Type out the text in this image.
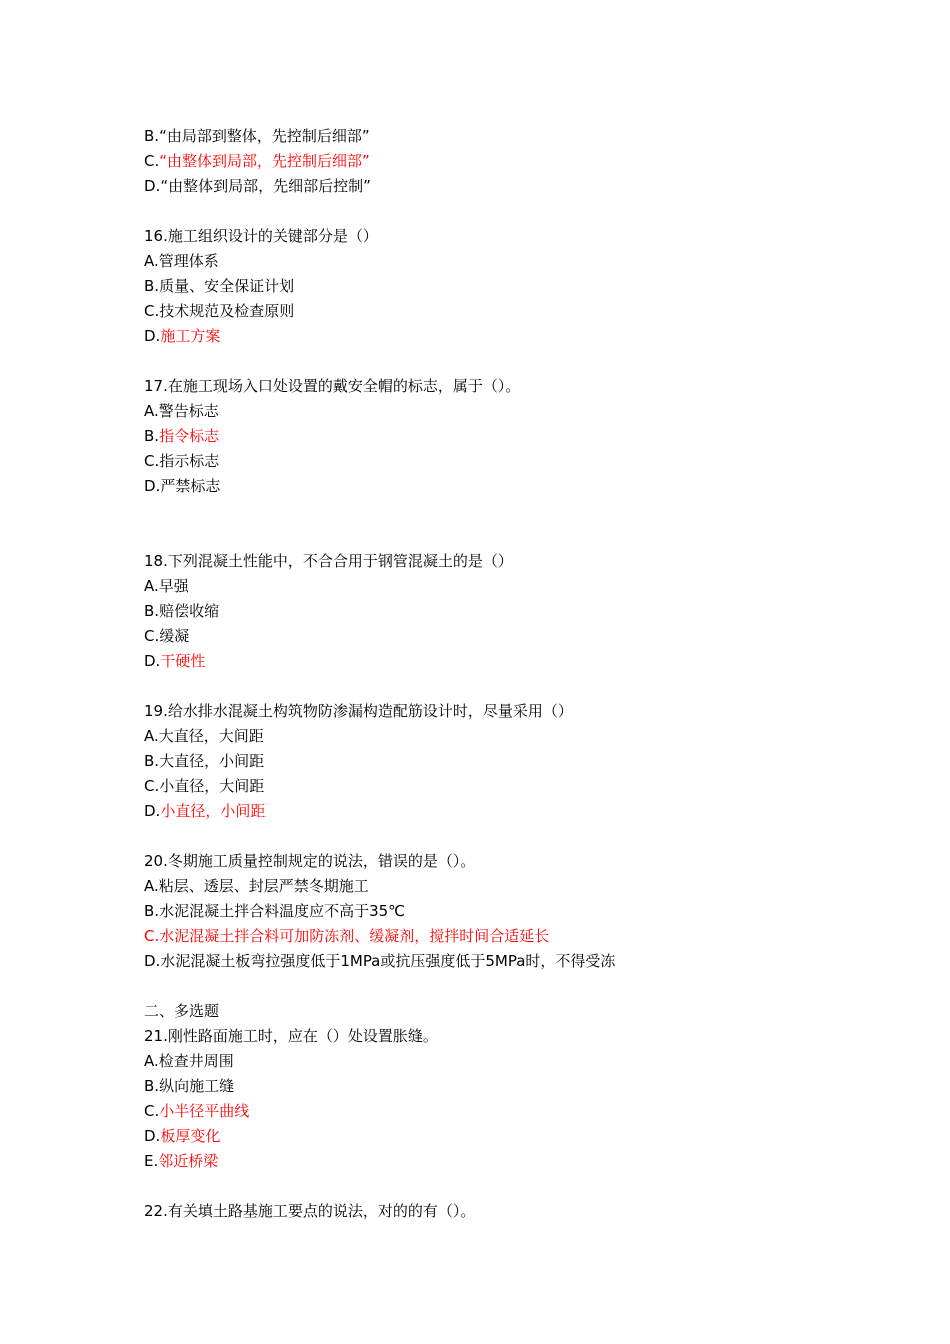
B.“由局部到整体，先控制后细部”
C.“由整体到局部，先控制后细部”
D.“由整体到局部，先细部后控制”
16.施工组织设计的关键部分是（）
A.管理体系
B.质量、安全保证计划
C.技术规范及检查原则
D.施工方案
17.在施工现场入口处设置的戴安全帽的标志，属于（）。
A.警告标志
B.指令标志
C.指示标志
D.严禁标志
18.下列混凝土性能中，不合合用于钢管混凝土的是（）
A.早强
B.赔偿收缩
C.缓凝
D.干硬性
19.给水排水混凝土构筑物防渗漏构造配筋设计时，尽量采用（）
A.大直径，大间距
B.大直径，小间距
C.小直径，大间距
D.小直径，小间距
20.冬期施工质量控制规定的说法，错误的是（）。
A.粘层、透层、封层严禁冬期施工
B.水泥混凝土拌合料温度应不高于35℃
C.水泥混凝土拌合料可加防冻剂、缓凝剂，搅拌时间合适延长
D.水泥混凝土板弯拉强度低于1MPa或抗压强度低于5MPa时，不得受冻
二、多选题
21.刚性路面施工时，应在（）处设置胀缝。
A.检查井周围
B.纵向施工缝
C.小半径平曲线
D.板厚变化
E.邻近桥梁
22.有关填土路基施工要点的说法，对的的有（）。
